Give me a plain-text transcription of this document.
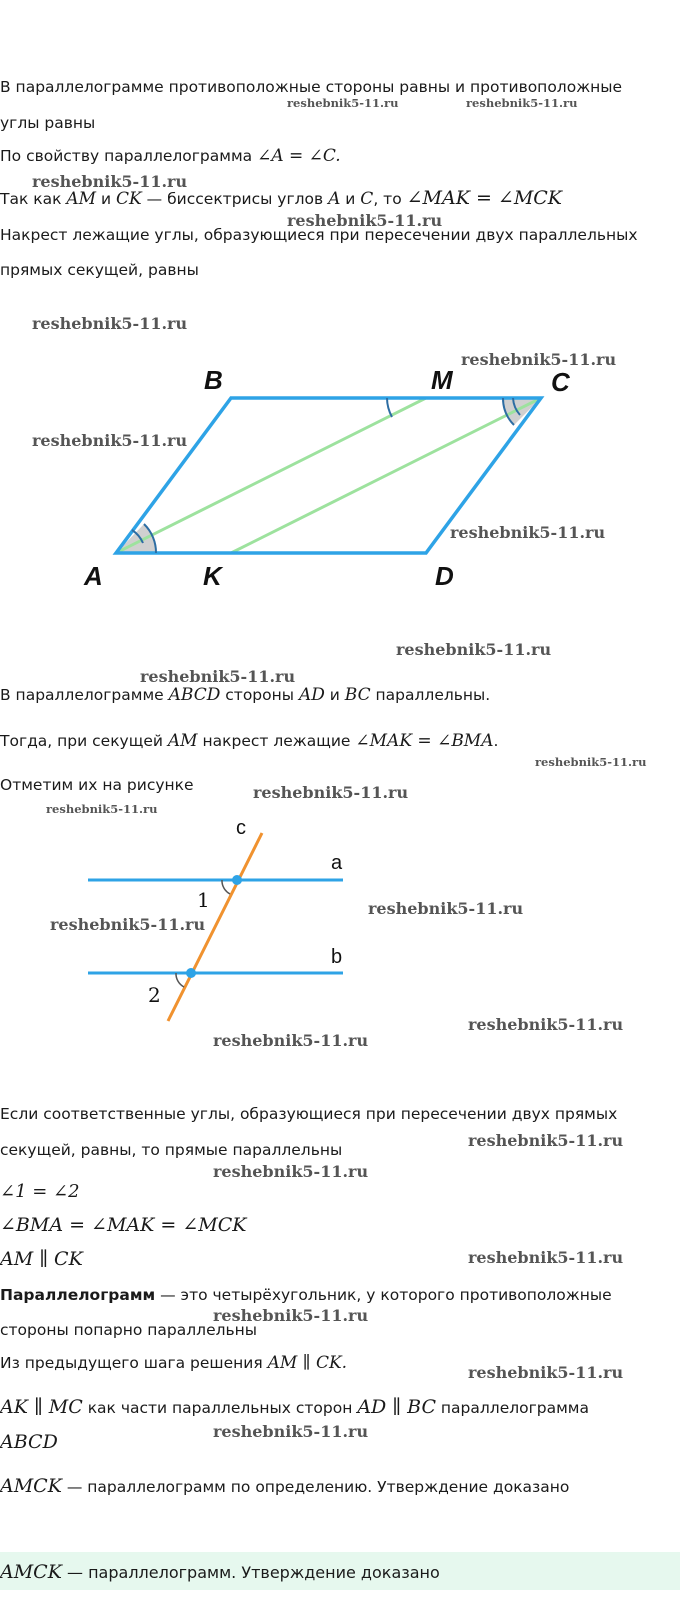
В параллелограмме противоположные стороны равны и противоположные
углы равны
По свойству параллелограмма ∠A = ∠C.
Так как AM и CK — биссектрисы углов A и C, то ∠MAK = ∠MCK
Накрест лежащие углы, образующиеся при пересечении двух параллельных
прямых секущей, равны
B	M	C
A	K	D
В параллелограмме ABCD стороны AD и BC параллельны.
Тогда, при секущей AM накрест лежащие ∠MAK = ∠BMA.
Отметим их на рисунке
c
a
b
1
2
Если соответственные углы, образующиеся при пересечении двух прямых
секущей, равны, то прямые параллельны
∠1 = ∠2
∠BMA = ∠MAK = ∠MCK
AM ∥ CK
Параллелограмм — это четырёхугольник, у которого противоположные
стороны попарно параллельны
Из предыдущего шага решения AM ∥ CK.
AK ∥ MC как части параллельных сторон AD ∥ BC параллелограмма
ABCD
AMCK — параллелограмм по определению. Утверждение доказано
AMCK — параллелограмм. Утверждение доказано
reshebnik5-11.ru	reshebnik5-11.ru
reshebnik5-11.ru
reshebnik5-11.ru
reshebnik5-11.ru
reshebnik5-11.ru
reshebnik5-11.ru
reshebnik5-11.ru
reshebnik5-11.ru
reshebnik5-11.ru
reshebnik5-11.ru
reshebnik5-11.ru
reshebnik5-11.ru
reshebnik5-11.ru
reshebnik5-11.ru
reshebnik5-11.ru
reshebnik5-11.ru
reshebnik5-11.ru
reshebnik5-11.ru
reshebnik5-11.ru
reshebnik5-11.ru
reshebnik5-11.ru
reshebnik5-11.ru
